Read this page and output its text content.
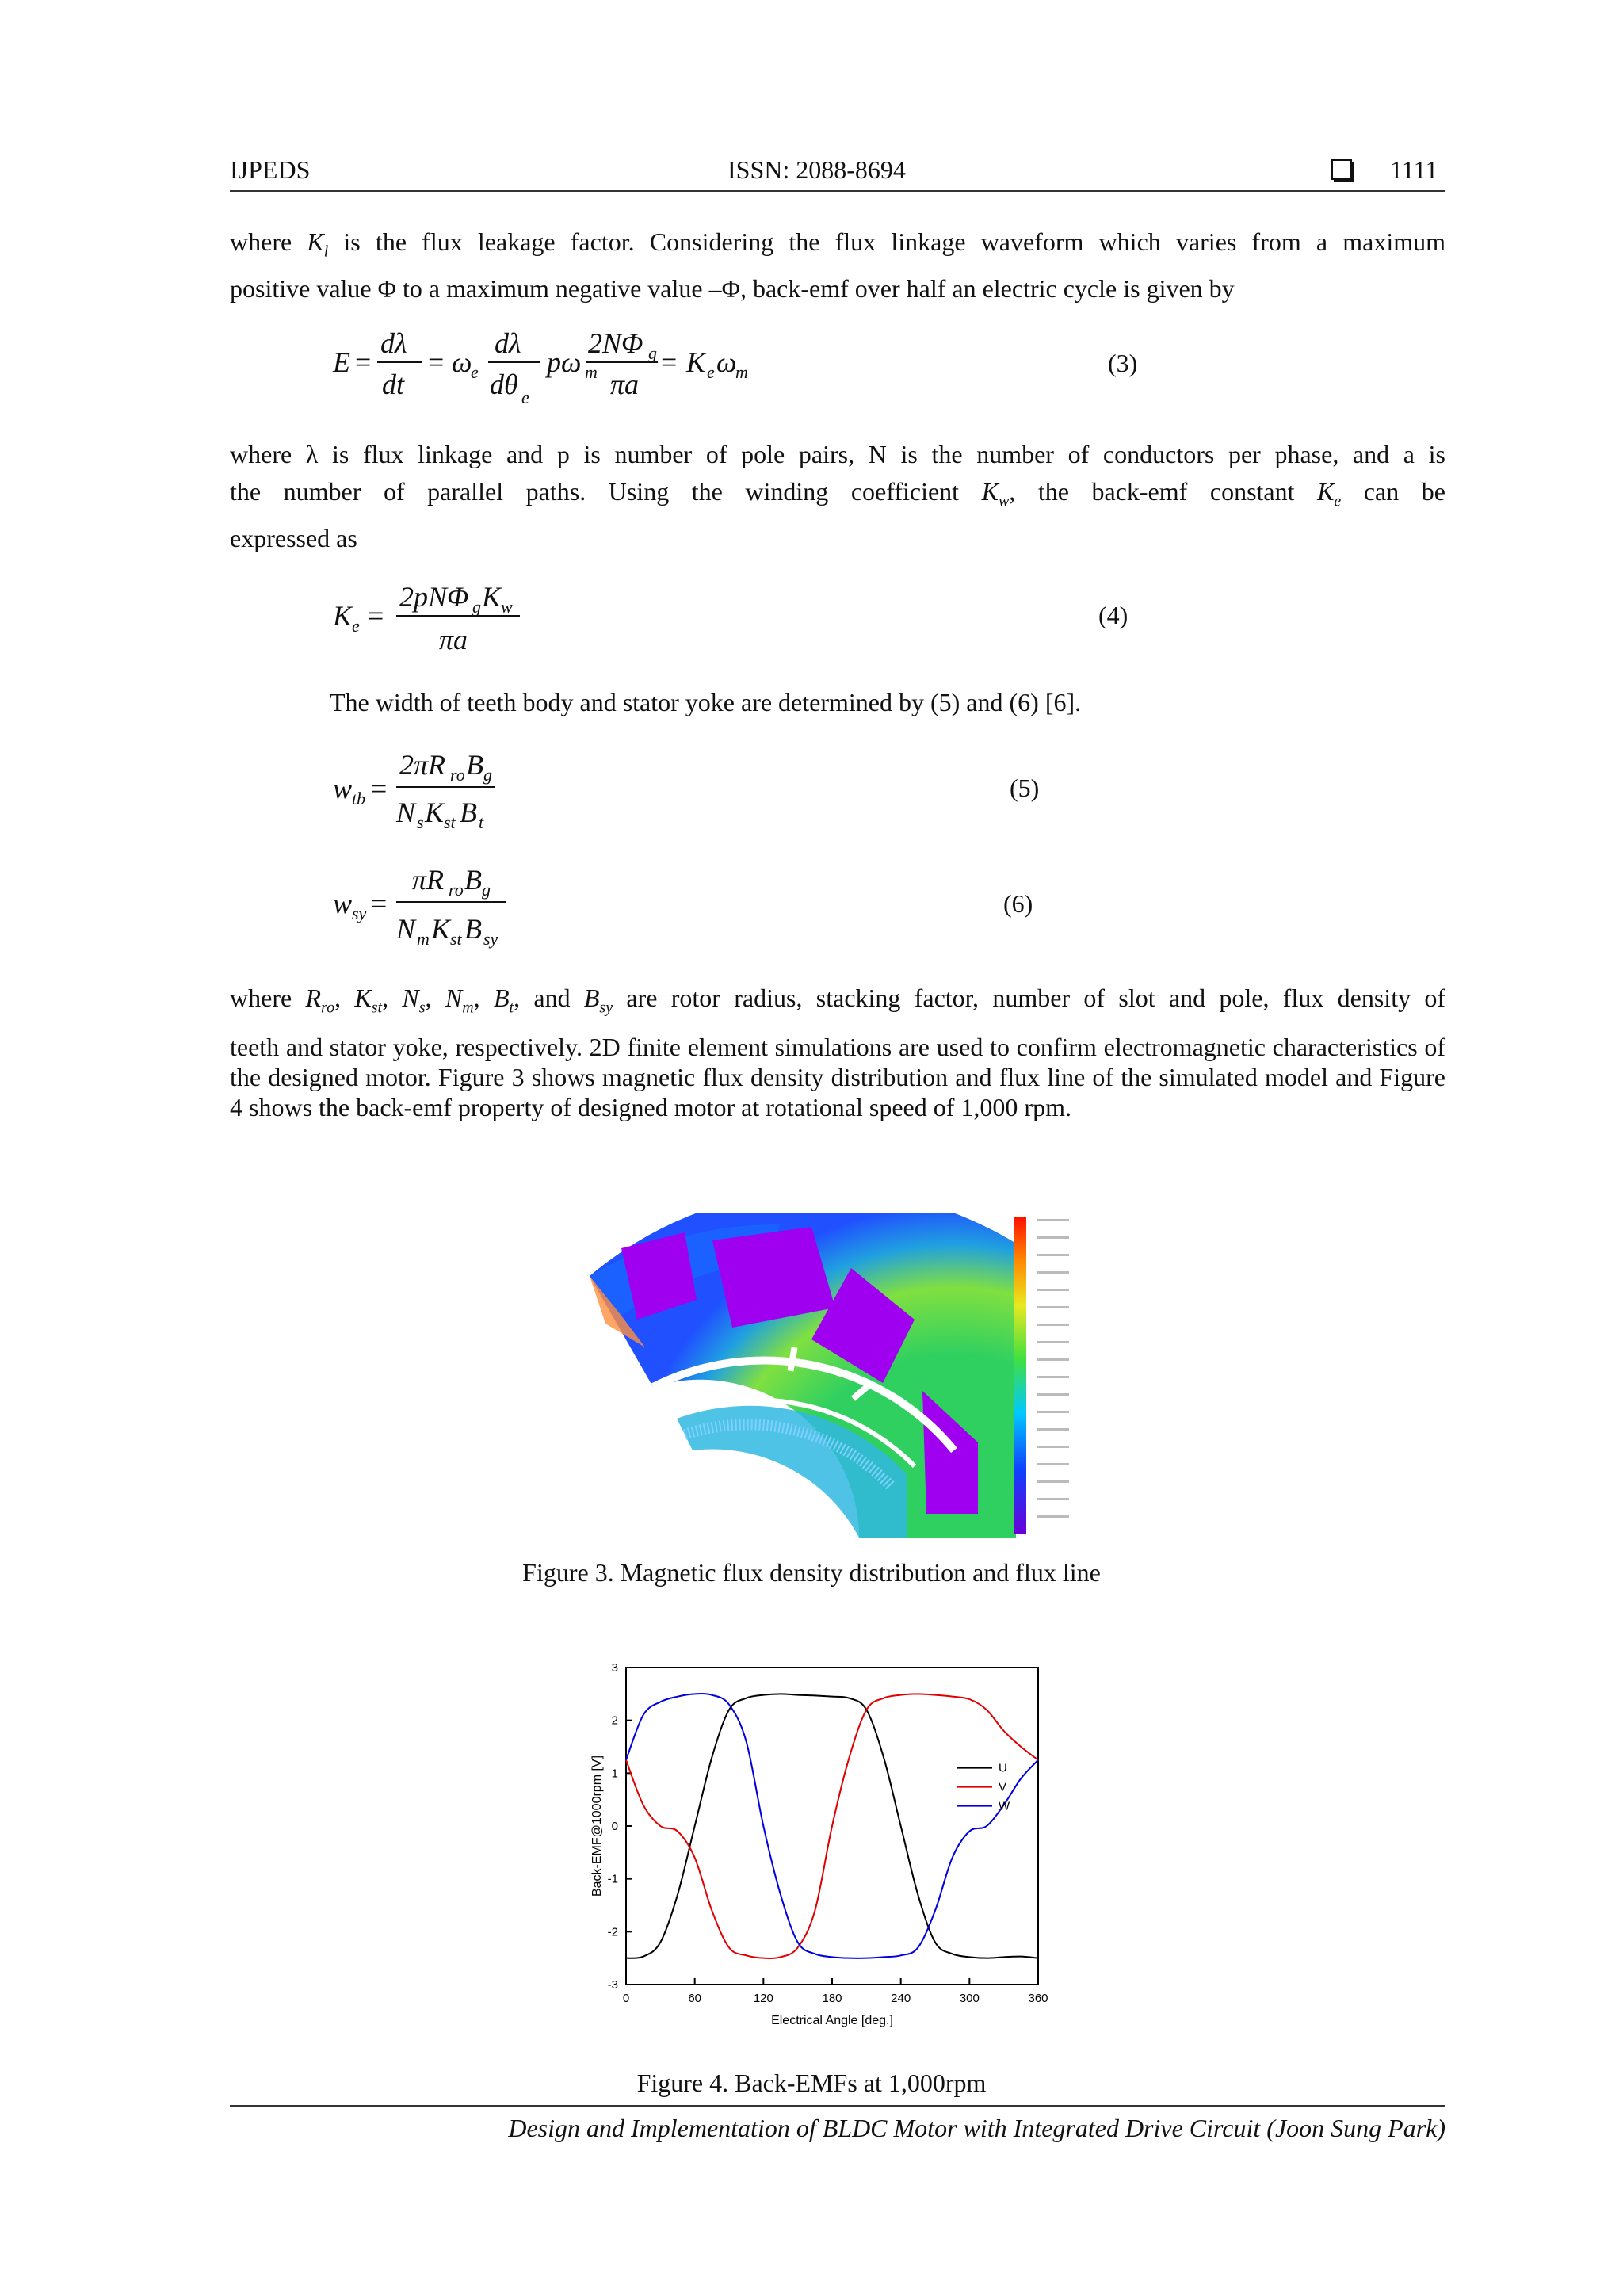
IJPEDS	ISSN: 2088-8694	1111
where $K_l$ is the flux leakage factor. Considering the flux linkage waveform which varies from a maximum
positive value Φ to a maximum negative value –Φ, back-emf over half an electric cycle is given by
E =
dλ
dt
= ω
e
dλ
dθ e
pω m
2NΦ g
πa
= K e ω
m	(3)
where λ is flux linkage and p is number of pole pairs, N is the number of conductors per phase, and a is
the number of parallel paths. Using the winding coefficient $K_w$, the back-emf constant $K_e$ can be
expressed as
K e =
2pNΦ g K w
πa
(4)
The width of teeth body and stator yoke are determined by (5) and (6) [6].
w tb =
2πR ro B g
N s K st B t
(5)
w sy =
πR ro B g
N m K st B sy
(6)
where $R_{ro}$, $K_{st}$, $N_s$, $N_m$, $B_t$, and $B_{sy}$ are rotor radius, stacking factor, number of slot and pole, flux density of
teeth and stator yoke, respectively. 2D finite element simulations are used to confirm electromagnetic characteristics of the designed motor. Figure 3 shows magnetic flux density distribution and flux line of the simulated model and Figure 4 shows the back-emf property of designed motor at rotational speed of 1,000 rpm.
Figure 3. Magnetic flux density distribution and flux line
0	60	120	180	240	300	360
-3
-2
-1
0
1
2
3
U
V
W
Electrical Angle [deg.]
Back-EMF@1000rpm [V]
Figure 4. Back-EMFs at 1,000rpm
Design and Implementation of BLDC Motor with Integrated Drive Circuit (Joon Sung Park)
